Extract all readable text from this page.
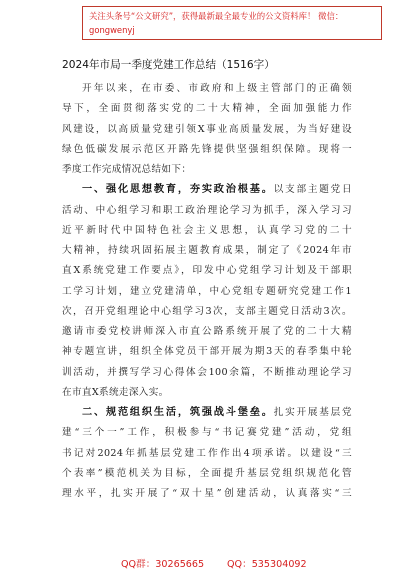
关注头条号“公文研究”，获得最新最全最专业的公文资料库！ 微信：gongwenyj
2024年市局一季度党建工作总结（1516字）
开年以来，在市委、市政府和上级主管部门的正确领
导下，全面贯彻落实党的二十大精神，全面加强能力作
风建设，以高质量党建引领X事业高质量发展，为当好建设
绿色低碳发展示范区开路先锋提供坚强组织保障。现将一
季度工作完成情况总结如下：
一、强化思想教育，夯实政治根基。以支部主题党日
活动、中心组学习和职工政治理论学习为抓手，深入学习习
近平新时代中国特色社会主义思想，认真学习党的二十
大精神，持续巩固拓展主题教育成果，制定了《2024年市
直X系统党建工作要点》，印发中心党组学习计划及干部职
工学习计划，建立党建清单，中心党组专题研究党建工作1
次，召开党组理论中心组学习3次，支部主题党日活动3次。
邀请市委党校讲师深入市直公路系统开展了党的二十大精
神专题宣讲，组织全体党员干部开展为期3天的春季集中轮
训活动，并撰写学习心得体会100余篇，不断推动理论学习
在市直X系统走深入实。
二、规范组织生活，筑强战斗堡垒。扎实开展基层党
建“三个一”工作，积极参与“书记赛党建”活动，党组
书记对2024年抓基层党建工作作出4项承诺。以建设“三
个表率”模范机关为目标，全面提升基层党组织规范化管
理水平，扎实开展了“双十星”创建活动，认真落实“三
QQ群：30265665 QQ：535304092
